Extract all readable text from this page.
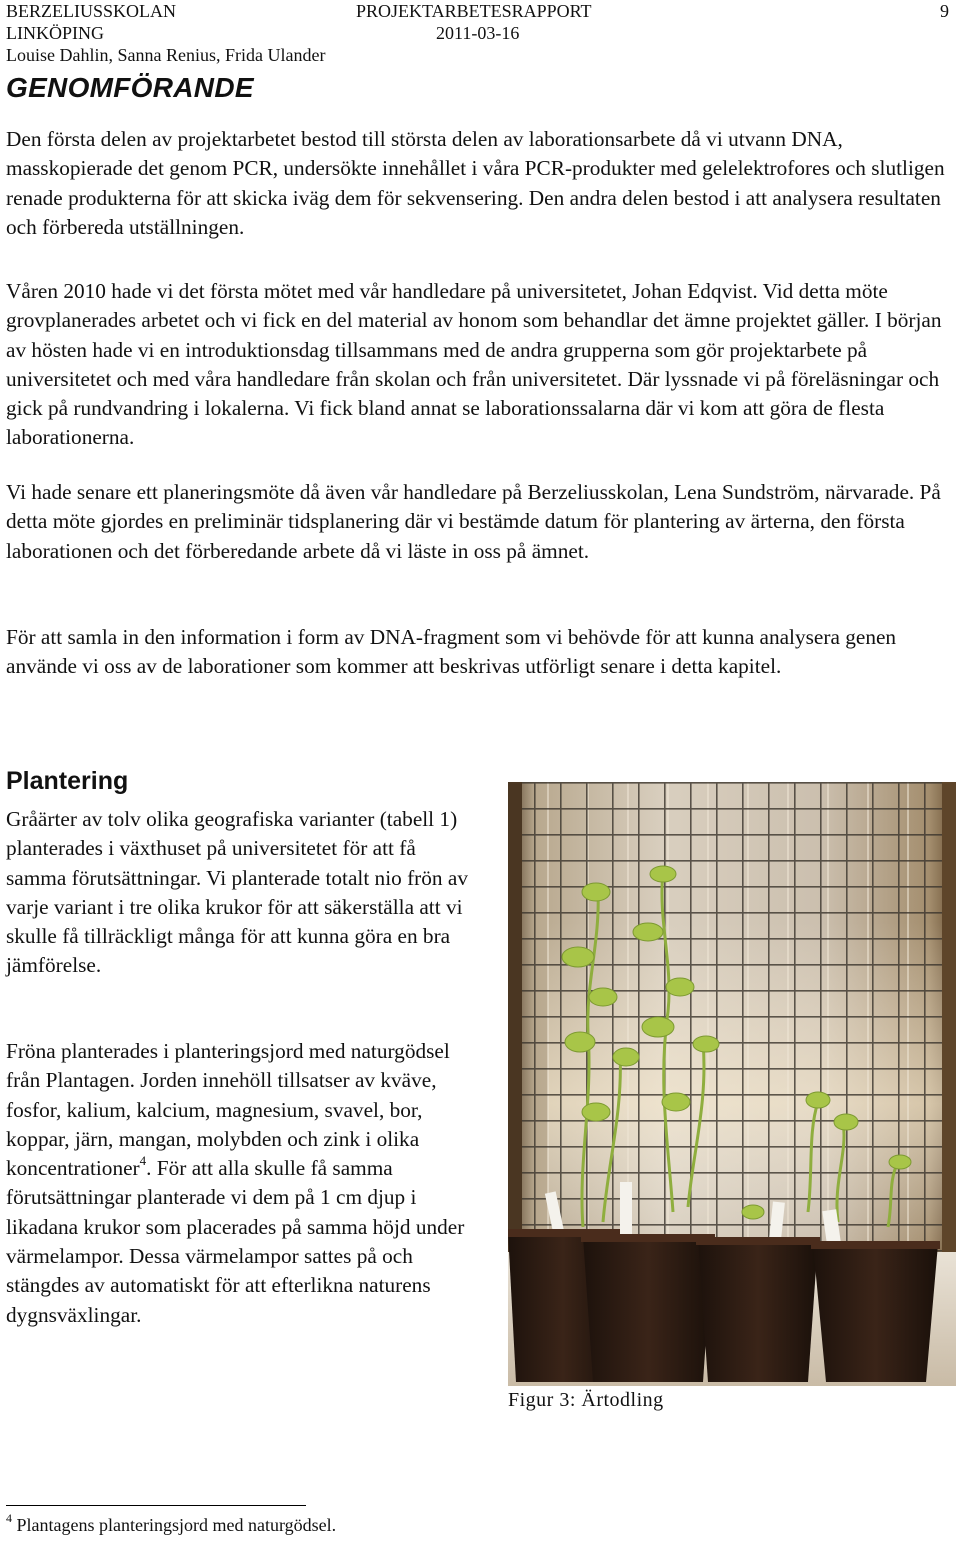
BERZELIUSSKOLAN
LINKÖPING
Louise Dahlin, Sanna Renius, Frida Ulander
PROJEKTARBETESRAPPORT
2011-03-16
9
GENOMFÖRANDE

Den första delen av projektarbetet bestod till största delen av laborationsarbete då vi utvann DNA, masskopierade det genom PCR, undersökte innehållet i våra PCR-produkter med gelelektrofores och slutligen renade produkterna för att skicka iväg dem för sekvensering. Den andra delen bestod i att analysera resultaten och förbereda utställningen.

Våren 2010 hade vi det första mötet med vår handledare på universitetet, Johan Edqvist. Vid detta möte grovplanerades arbetet och vi fick en del material av honom som behandlar det ämne projektet gäller. I början av hösten hade vi en introduktionsdag tillsammans med de andra grupperna som gör projektarbete på universitetet och med våra handledare från skolan och från universitetet. Där lyssnade vi på föreläsningar och gick på rundvandring i lokalerna. Vi fick bland annat se laborationssalarna där vi kom att göra de flesta laborationerna.

Vi hade senare ett planeringsmöte då även vår handledare på Berzeliusskolan, Lena Sundström, närvarade. På detta möte gjordes en preliminär tidsplanering där vi bestämde datum för plantering av ärterna, den första laborationen och det förberedande arbete då vi läste in oss på ämnet.

För att samla in den information i form av DNA-fragment som vi behövde för att kunna analysera genen använde vi oss av de laborationer som kommer att beskrivas utförligt senare i detta kapitel.

Plantering

Gråärter av tolv olika geografiska varianter (tabell 1) planterades i växthuset på universitetet för att få samma förutsättningar. Vi planterade totalt nio frön av varje variant i tre olika krukor för att säkerställa att vi skulle få tillräckligt många för att kunna göra en bra jämförelse.

Fröna planterades i planteringsjord med naturgödsel från Plantagen. Jorden innehöll tillsatser av kväve, fosfor, kalium, kalcium, magnesium, svavel, bor, koppar, järn, mangan, molybden och zink i olika koncentrationer$^4$. För att alla skulle få samma förutsättningar planterade vi dem på 1 cm djup i likadana krukor som placerades på samma höjd under värmelampor. Dessa värmelampor sattes på och stängdes av automatiskt för att efterlikna naturens dygnsväxlingar.

Figur 3: Ärtodling

$^4$ Plantagens planteringsjord med naturgödsel.
